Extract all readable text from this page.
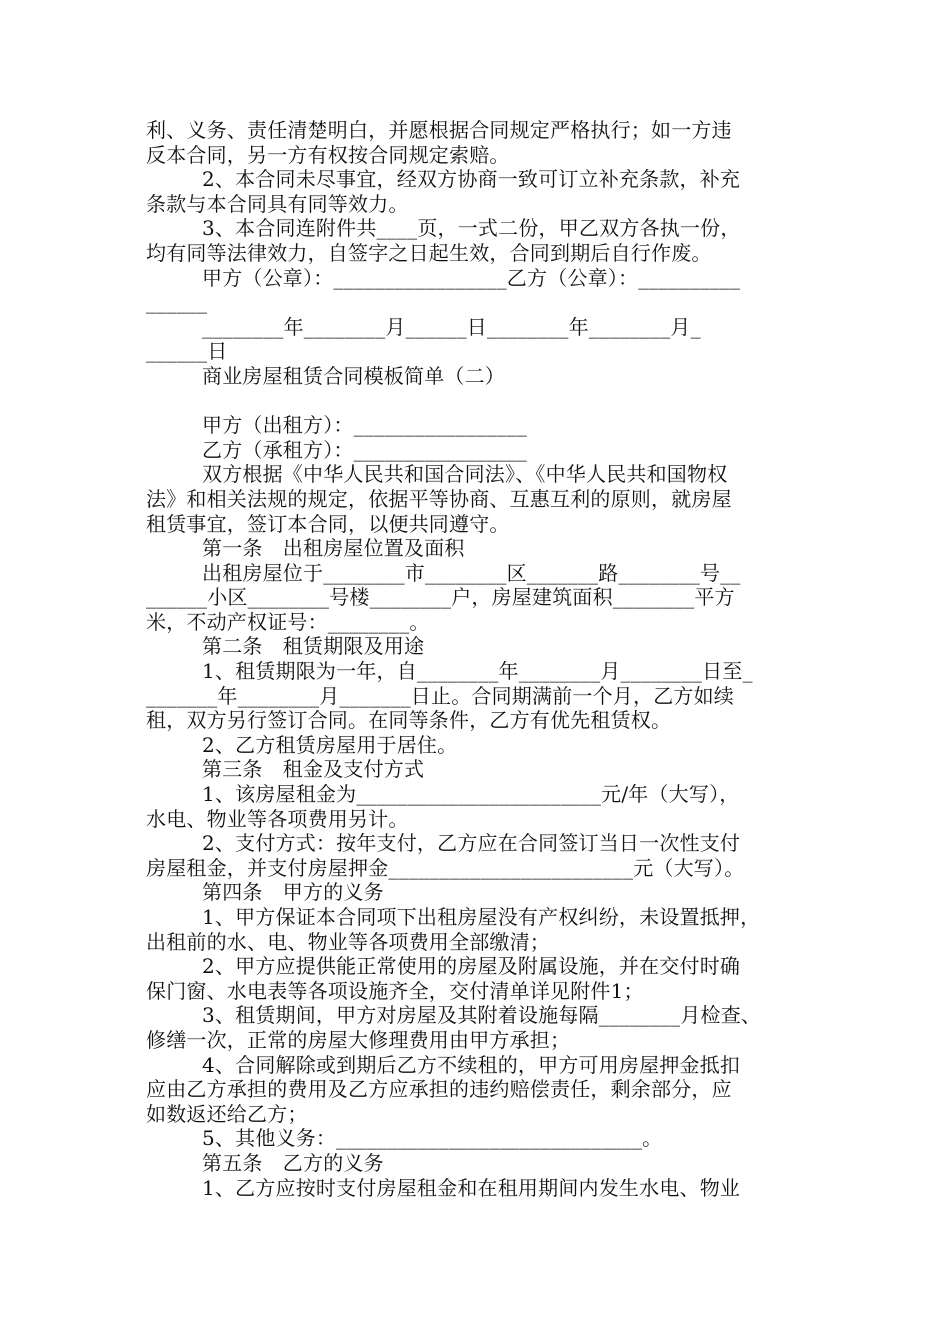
利、义务、责任清楚明白，并愿根据合同规定严格执行；如一方违
反本合同，另一方有权按合同规定索赔。
2、本合同未尽事宜，经双方协商一致可订立补充条款，补充
条款与本合同具有同等效力。
3、本合同连附件共____页，一式二份，甲乙双方各执一份，
均有同等法律效力，自签字之日起生效，合同到期后自行作废。
甲方（公章）：_________________乙方（公章）：__________
______
________年________月______日________年________月_
______日
商业房屋租赁合同模板简单（二）
甲方（出租方）：_________________
乙方（承租方）：_________________
双方根据《中华人民共和国合同法》、《中华人民共和国物权
法》和相关法规的规定，依据平等协商、互惠互利的原则，就房屋
租赁事宜，签订本合同，以便共同遵守。
第一条　出租房屋位置及面积
出租房屋位于________市________区_______路________号__
______小区________号楼________户，房屋建筑面积________平方
米，不动产权证号：________。
第二条　租赁期限及用途
1、租赁期限为一年，自________年________月________日至_
_______年________月_______日止。合同期满前一个月，乙方如续
租，双方另行签订合同。在同等条件，乙方有优先租赁权。
2、乙方租赁房屋用于居住。
第三条　租金及支付方式
1、该房屋租金为________________________元/年（大写），
水电、物业等各项费用另计。
2、支付方式：按年支付，乙方应在合同签订当日一次性支付
房屋租金，并支付房屋押金________________________元（大写）。
第四条　甲方的义务
1、甲方保证本合同项下出租房屋没有产权纠纷，未设置抵押，
出租前的水、电、物业等各项费用全部缴清；
2、甲方应提供能正常使用的房屋及附属设施，并在交付时确
保门窗、水电表等各项设施齐全，交付清单详见附件1；
3、租赁期间，甲方对房屋及其附着设施每隔________月检查、
修缮一次，正常的房屋大修理费用由甲方承担；
4、合同解除或到期后乙方不续租的，甲方可用房屋押金抵扣
应由乙方承担的费用及乙方应承担的违约赔偿责任，剩余部分，应
如数返还给乙方；
5、其他义务：______________________________。
第五条　乙方的义务
1、乙方应按时支付房屋租金和在租用期间内发生水电、物业
